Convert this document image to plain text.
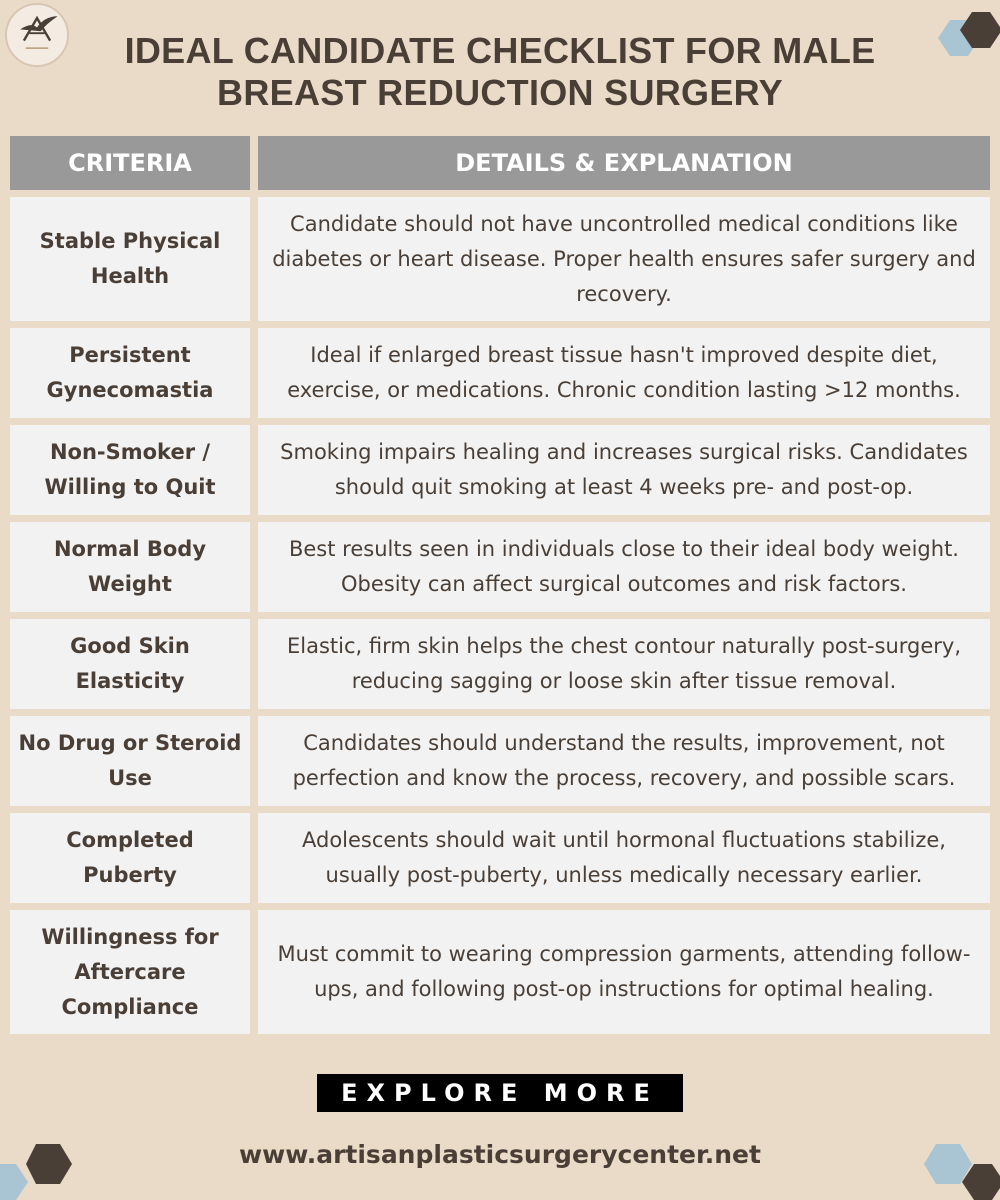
IDEAL CANDIDATE CHECKLIST FOR MALE
BREAST REDUCTION SURGERY
CRITERIA	DETAILS & EXPLANATION
Stable Physical Health
Candidate should not have uncontrolled medical conditions like diabetes or heart disease. Proper health ensures safer surgery and recovery.
Persistent Gynecomastia
Ideal if enlarged breast tissue hasn't improved despite diet, exercise, or medications. Chronic condition lasting >12 months.
Non-Smoker / Willing to Quit
Smoking impairs healing and increases surgical risks. Candidates should quit smoking at least 4 weeks pre- and post-op.
Normal Body Weight
Best results seen in individuals close to their ideal body weight. Obesity can affect surgical outcomes and risk factors.
Good Skin Elasticity
Elastic, firm skin helps the chest contour naturally post-surgery, reducing sagging or loose skin after tissue removal.
No Drug or Steroid Use
Candidates should understand the results, improvement, not perfection and know the process, recovery, and possible scars.
Completed Puberty
Adolescents should wait until hormonal fluctuations stabilize, usually post-puberty, unless medically necessary earlier.
Willingness for Aftercare Compliance
Must commit to wearing compression garments, attending follow-ups, and following post-op instructions for optimal healing.
EXPLORE MORE
www.artisanplasticsurgerycenter.net
